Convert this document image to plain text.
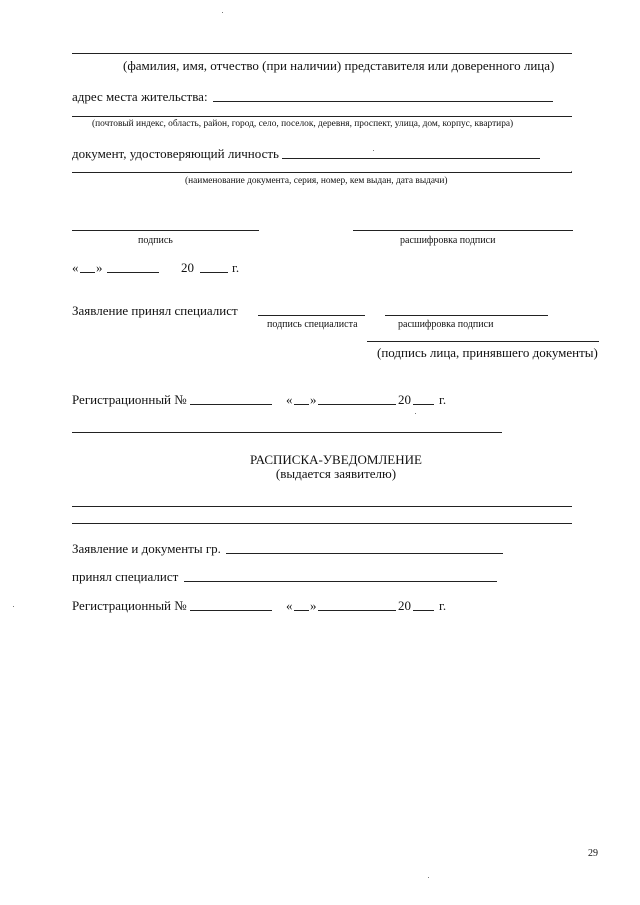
(фамилия, имя, отчество (при наличии) представителя или доверенного лица)
адрес места жительства:
(почтовый индекс, область, район, город, село, поселок, деревня, проспект, улица, дом, корпус, квартира)
документ, удостоверяющий личность
(наименование документа, серия, номер, кем выдан, дата выдачи)
подпись	расшифровка подписи
« »	20	г.
Заявление принял специалист
подпись специалиста	расшифровка подписи
(подпись лица, принявшего документы)
Регистрационный №	« »	20 г.
РАСПИСКА-УВЕДОМЛЕНИЕ
(выдается заявителю)
Заявление и документы гр.
принял специалист
Регистрационный №	« »	20 г.
29
